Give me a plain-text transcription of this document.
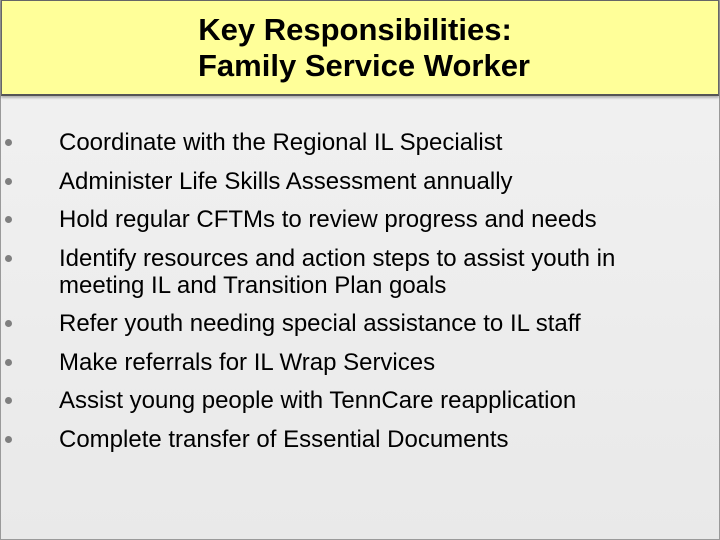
Key Responsibilities:
Family Service Worker
Coordinate with the Regional IL Specialist
Administer Life Skills Assessment annually
Hold regular CFTMs to review progress and needs
Identify resources and action steps to assist youth in meeting IL and Transition Plan goals
Refer youth needing special assistance to IL staff
Make referrals for IL Wrap Services
Assist young people with TennCare reapplication
Complete transfer of Essential Documents
